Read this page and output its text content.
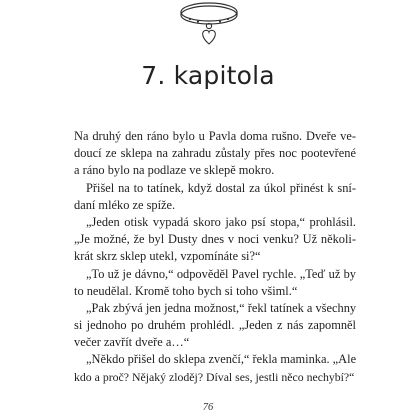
7. kapitola
Na druhý den ráno bylo u Pavla doma rušno. Dveře ve-
doucí ze sklepa na zahradu zůstaly přes noc pootevřené
a ráno bylo na podlaze ve sklepě mokro.
Přišel na to tatínek, když dostal za úkol přinést k sní-
daní mléko ze spíže.
„Jeden otisk vypadá skoro jako psí stopa,“ prohlásil.
„Je možné, že byl Dusty dnes v noci venku? Už několi-
krát skrz sklep utekl, vzpomínáte si?“
„To už je dávno,“ odpověděl Pavel rychle. „Teď už by
to neudělal. Kromě toho bych si toho všiml.“
„Pak zbývá jen jedna možnost,“ řekl tatínek a všechny
si jednoho po druhém prohlédl. „Jeden z nás zapomněl
večer zavřít dveře a…“
„Někdo přišel do sklepa zvenčí,“ řekla maminka. „Ale
kdo a proč? Nějaký zloděj? Díval ses, jestli něco nechybí?“
76
